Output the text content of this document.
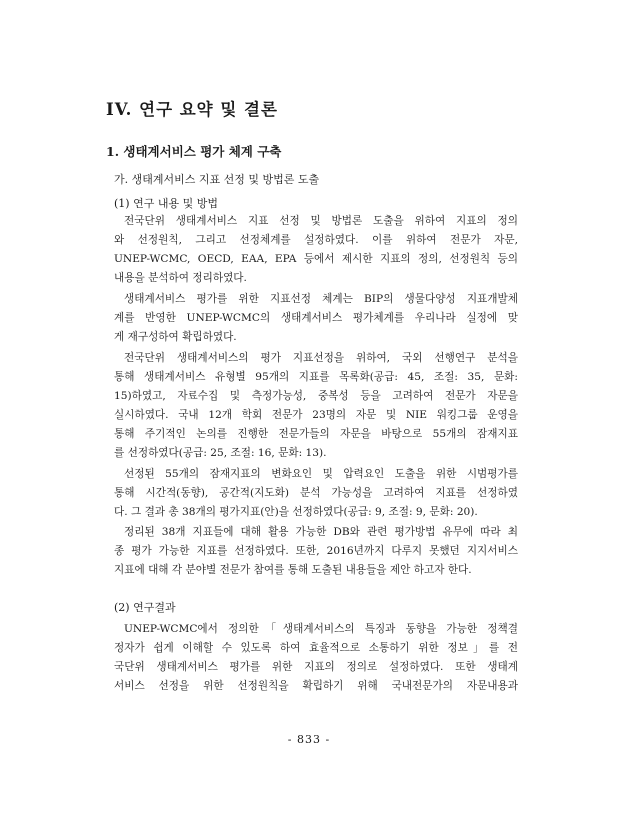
IV. 연구 요약 및 결론
1. 생태계서비스 평가 체계 구축
가. 생태계서비스 지표 선정 및 방법론 도출
(1) 연구 내용 및 방법
전국단위 생태계서비스 지표 선정 및 방법론 도출을 위하여 지표의 정의
와 선정원칙, 그리고 선정체계를 설정하였다. 이를 위하여 전문가 자문,
UNEP-WCMC, OECD, EAA, EPA 등에서 제시한 지표의 정의, 선정원칙 등의
내용을 분석하여 정리하였다.
생태계서비스 평가를 위한 지표선정 체계는 BIP의 생물다양성 지표개발체
계를 반영한 UNEP-WCMC의 생태계서비스 평가체계를 우리나라 실정에 맞
게 재구성하여 확립하였다.
전국단위 생태계서비스의 평가 지표선정을 위하여, 국외 선행연구 분석을
통해 생태계서비스 유형별 95개의 지표를 목록화(공급: 45, 조절: 35, 문화:
15)하였고, 자료수집 및 측정가능성, 중복성 등을 고려하여 전문가 자문을
실시하였다. 국내 12개 학회 전문가 23명의 자문 및 NIE 워킹그룹 운영을
통해 주기적인 논의를 진행한 전문가들의 자문을 바탕으로 55개의 잠재지표
를 선정하였다(공급: 25, 조절: 16, 문화: 13).
선정된 55개의 잠재지표의 변화요인 및 압력요인 도출을 위한 시범평가를
통해 시간적(동향), 공간적(지도화) 분석 가능성을 고려하여 지표를 선정하였
다. 그 결과 총 38개의 평가지표(안)을 선정하였다(공급: 9, 조절: 9, 문화: 20).
정리된 38개 지표들에 대해 활용 가능한 DB와 관련 평가방법 유무에 따라 최
종 평가 가능한 지표를 선정하였다. 또한, 2016년까지 다루지 못했던 지지서비스
지표에 대해 각 분야별 전문가 참여를 통해 도출된 내용들을 제안 하고자 한다.
(2) 연구결과
UNEP-WCMC에서 정의한「생태계서비스의 특징과 동향을 가능한 정책결
정자가 쉽게 이해할 수 있도록 하여 효율적으로 소통하기 위한 정보」를 전
국단위 생태계서비스 평가를 위한 지표의 정의로 설정하였다. 또한 생태계
서비스 선정을 위한 선정원칙을 확립하기 위해 국내전문가의 자문내용과
- 833 -
